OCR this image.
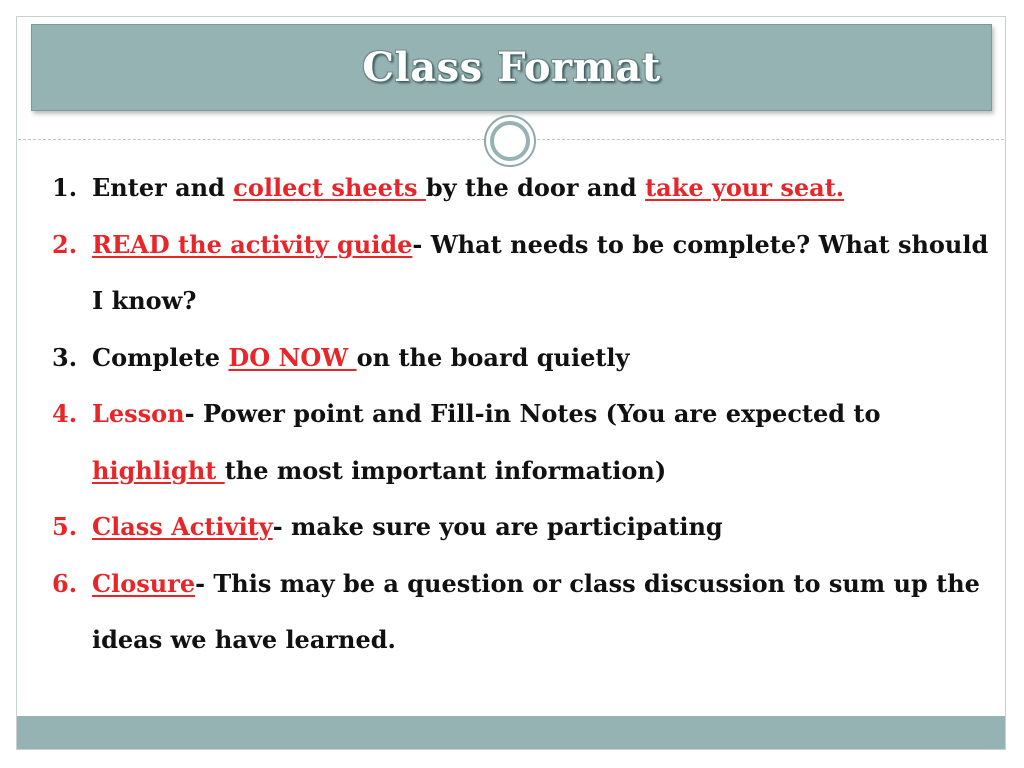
Class Format
1. Enter and collect sheets by the door and take your seat.
2. READ the activity guide- What needs to be complete? What should I know?
3. Complete DO NOW on the board quietly
4. Lesson- Power point and Fill-in Notes (You are expected to highlight the most important information)
5. Class Activity- make sure you are participating
6. Closure- This may be a question or class discussion to sum up the ideas we have learned.
